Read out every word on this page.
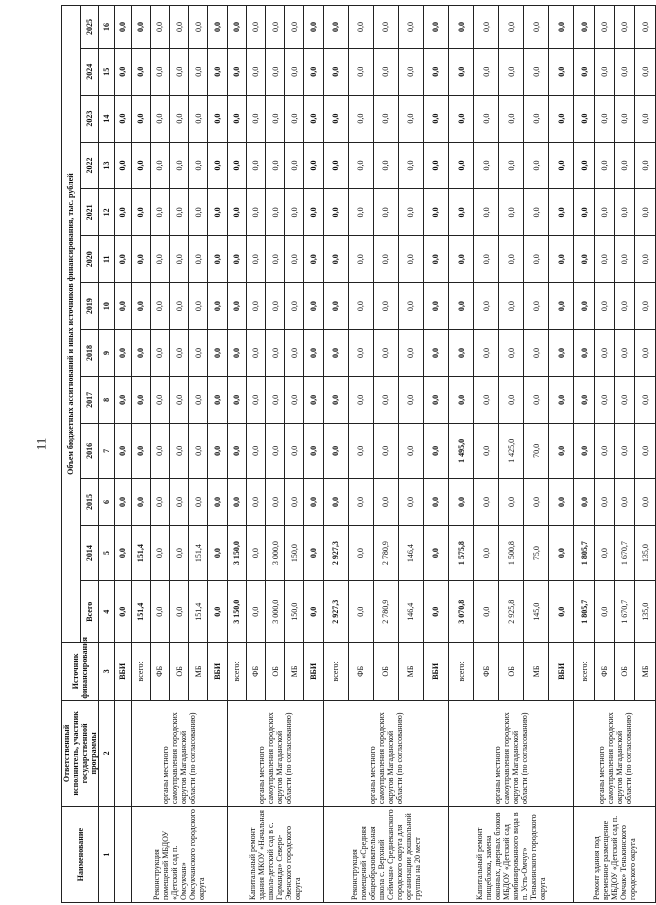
11
Наименование	Ответственный исполнитель, участник государственной программы	Источник финансирования	Объем бюджетных ассигнований и иных источников финансирования, тыс. рублей												
			Всего	2014	2015	2016	2017	2018	2019	2020	2021	2022	2023	2024	2025
1	2	3	4	5	6	7	8	9	10	11	12	13	14	15	16
		ВБИ	0,0	0,0	0,0	0,0	0,0	0,0	0,0	0,0	0,0	0,0	0,0	0,0	0,0
Реконструкция помещений МБДОУ «Детский сад п. Омсукчан» Омсукчанского городского округа	органы местного самоуправления городских округов Магаданской области (по согласованию)	всего:	151,4	151,4	0,0	0,0	0,0	0,0	0,0	0,0	0,0	0,0	0,0	0,0	0,0
		ФБ	0,0	0,0	0,0	0,0	0,0	0,0	0,0	0,0	0,0	0,0	0,0	0,0	0,0
		ОБ	0,0	0,0	0,0	0,0	0,0	0,0	0,0	0,0	0,0	0,0	0,0	0,0	0,0
		МБ	151,4	151,4	0,0	0,0	0,0	0,0	0,0	0,0	0,0	0,0	0,0	0,0	0,0
		ВБИ	0,0	0,0	0,0	0,0	0,0	0,0	0,0	0,0	0,0	0,0	0,0	0,0	0,0
Капитальный ремонт здания МКОУ «Начальная школа-детский сад в с. Гарманда» Северо-Эвенского городского округа	органы местного самоуправления городских округов Магаданской области (по согласованию)	всего:	3 150,0	3 150,0	0,0	0,0	0,0	0,0	0,0	0,0	0,0	0,0	0,0	0,0	0,0
		ФБ	0,0	0,0	0,0	0,0	0,0	0,0	0,0	0,0	0,0	0,0	0,0	0,0	0,0
		ОБ	3 000,0	3 000,0	0,0	0,0	0,0	0,0	0,0	0,0	0,0	0,0	0,0	0,0	0,0
		МБ	150,0	150,0	0,0	0,0	0,0	0,0	0,0	0,0	0,0	0,0	0,0	0,0	0,0
		ВБИ	0,0	0,0	0,0	0,0	0,0	0,0	0,0	0,0	0,0	0,0	0,0	0,0	0,0
Реконструкция помещений «Средняя общеобразовательная школа с. Верхний Сеймчан» Среднеканского городского округа для организации дошкольной группы на 20 мест	органы местного самоуправления городских округов Магаданской области (по согласованию)	всего:	2 927,3	2 927,3	0,0	0,0	0,0	0,0	0,0	0,0	0,0	0,0	0,0	0,0	0,0
		ФБ	0,0	0,0	0,0	0,0	0,0	0,0	0,0	0,0	0,0	0,0	0,0	0,0	0,0
		ОБ	2 780,9	2 780,9	0,0	0,0	0,0	0,0	0,0	0,0	0,0	0,0	0,0	0,0	0,0
		МБ	146,4	146,4	0,0	0,0	0,0	0,0	0,0	0,0	0,0	0,0	0,0	0,0	0,0
		ВБИ	0,0	0,0	0,0	0,0	0,0	0,0	0,0	0,0	0,0	0,0	0,0	0,0	0,0
Капитальный ремонт пищеблока, замена оконных, дверных блоков МБДОУ «Детский сад комбинированного вида в п. Усть-Омчуг» Тенькинского городского округа	органы местного самоуправления городских округов Магаданской области (по согласованию)	всего:	3 070,8	1 575,8	0,0	1 495,0	0,0	0,0	0,0	0,0	0,0	0,0	0,0	0,0	0,0
		ФБ	0,0	0,0	0,0	0,0	0,0	0,0	0,0	0,0	0,0	0,0	0,0	0,0	0,0
		ОБ	2 925,8	1 500,8	0,0	1 425,0	0,0	0,0	0,0	0,0	0,0	0,0	0,0	0,0	0,0
		МБ	145,0	75,0	0,0	70,0	0,0	0,0	0,0	0,0	0,0	0,0	0,0	0,0	0,0
		ВБИ	0,0	0,0	0,0	0,0	0,0	0,0	0,0	0,0	0,0	0,0	0,0	0,0	0,0
Ремонт здания под временное размещение МБДОУ «Детский сад п. Омчак» Тенькинского городского округа	органы местного самоуправления городских округов Магаданской области (по согласованию)	всего:	1 805,7	1 805,7	0,0	0,0	0,0	0,0	0,0	0,0	0,0	0,0	0,0	0,0	0,0
		ФБ	0,0	0,0	0,0	0,0	0,0	0,0	0,0	0,0	0,0	0,0	0,0	0,0	0,0
		ОБ	1 670,7	1 670,7	0,0	0,0	0,0	0,0	0,0	0,0	0,0	0,0	0,0	0,0	0,0
		МБ	135,0	135,0	0,0	0,0	0,0	0,0	0,0	0,0	0,0	0,0	0,0	0,0	0,0
